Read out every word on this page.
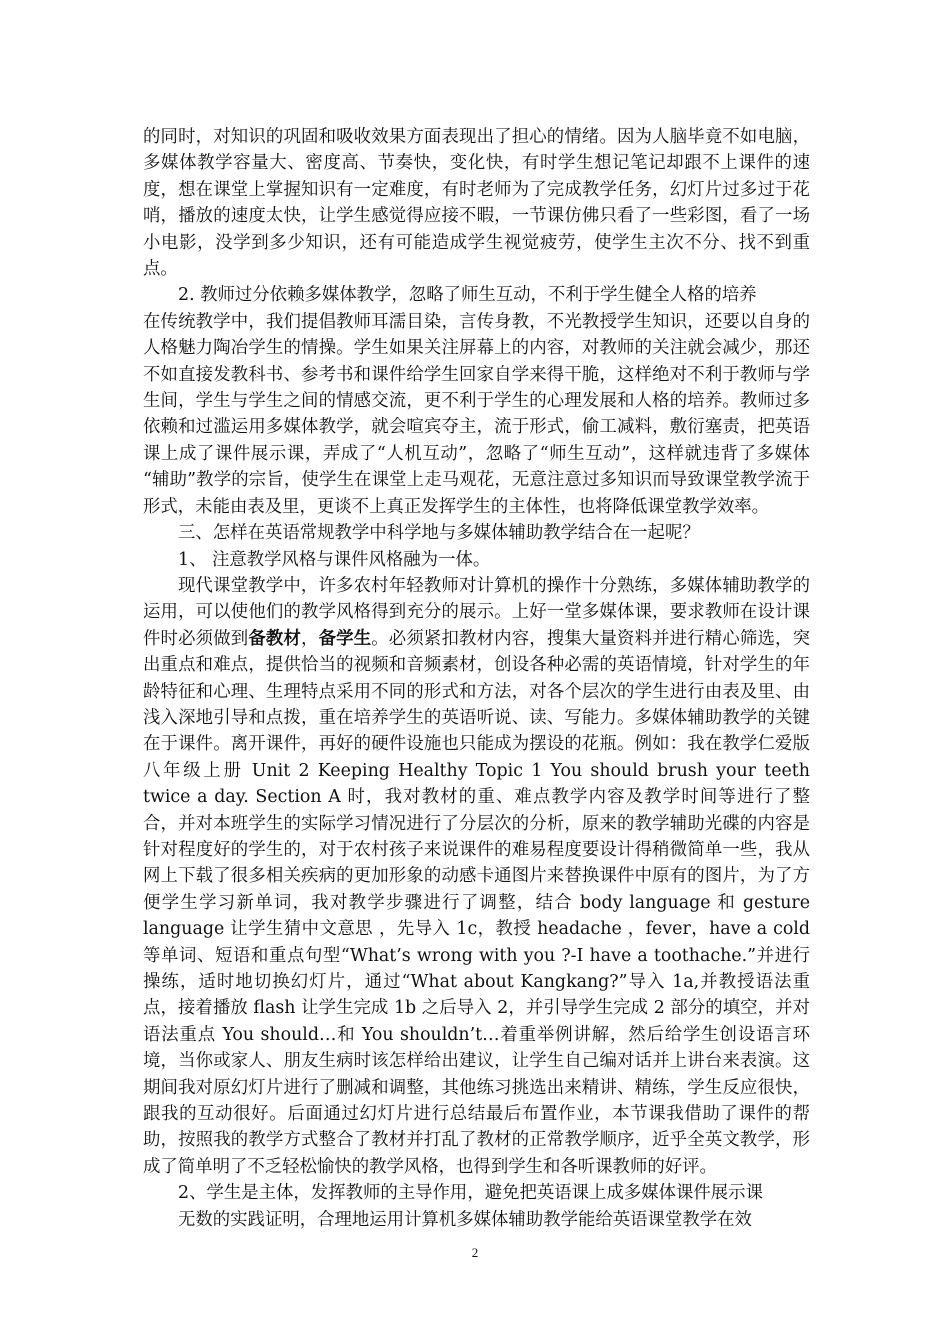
的同时，对知识的巩固和吸收效果方面表现出了担心的情绪。因为人脑毕竟不如电脑，多媒体教学容量大、密度高、节奏快，变化快，有时学生想记笔记却跟不上课件的速度，想在课堂上掌握知识有一定难度，有时老师为了完成教学任务，幻灯片过多过于花哨，播放的速度太快，让学生感觉得应接不暇，一节课仿佛只看了一些彩图，看了一场小电影，没学到多少知识，还有可能造成学生视觉疲劳，使学生主次不分、找不到重点。

2. 教师过分依赖多媒体教学，忽略了师生互动，不利于学生健全人格的培养

在传统教学中，我们提倡教师耳濡目染，言传身教，不光教授学生知识，还要以自身的人格魅力陶冶学生的情操。学生如果关注屏幕上的内容，对教师的关注就会减少，那还不如直接发教科书、参考书和课件给学生回家自学来得干脆，这样绝对不利于教师与学生间，学生与学生之间的情感交流，更不利于学生的心理发展和人格的培养。教师过多依赖和过滥运用多媒体教学，就会喧宾夺主，流于形式，偷工减料，敷衍塞责，把英语课上成了课件展示课，弄成了“人机互动”，忽略了“师生互动”，这样就违背了多媒体 “辅助”教学的宗旨，使学生在课堂上走马观花，无意注意过多知识而导致课堂教学流于形式，未能由表及里，更谈不上真正发挥学生的主体性，也将降低课堂教学效率。

三、怎样在英语常规教学中科学地与多媒体辅助教学结合在一起呢？

1、 注意教学风格与课件风格融为一体。

现代课堂教学中，许多农村年轻教师对计算机的操作十分熟练，多媒体辅助教学的运用，可以使他们的教学风格得到充分的展示。上好一堂多媒体课，要求教师在设计课件时必须做到备教材，备学生。必须紧扣教材内容，搜集大量资料并进行精心筛选，突出重点和难点，提供恰当的视频和音频素材，创设各种必需的英语情境，针对学生的年龄特征和心理、生理特点采用不同的形式和方法，对各个层次的学生进行由表及里、由浅入深地引导和点拨，重在培养学生的英语听说、读、写能力。多媒体辅助教学的关键在于课件。离开课件，再好的硬件设施也只能成为摆设的花瓶。例如：我在教学仁爱版八年级上册 Unit 2 Keeping Healthy Topic 1 You should brush your teeth twice a day. Section A 时，我对教材的重、难点教学内容及教学时间等进行了整合，并对本班学生的实际学习情况进行了分层次的分析，原来的教学辅助光碟的内容是针对程度好的学生的，对于农村孩子来说课件的难易程度要设计得稍微简单一些，我从网上下载了很多相关疾病的更加形象的动感卡通图片来替换课件中原有的图片，为了方便学生学习新单词，我对教学步骤进行了调整，结合 body language 和 gesture language 让学生猜中文意思 ，先导入 1c，教授 headache ，fever，have a cold 等单词、短语和重点句型“What’s wrong with you ?-I have a toothache.”并进行操练，适时地切换幻灯片，通过“What about Kangkang?”导入 1a,并教授语法重点，接着播放 flash 让学生完成 1b 之后导入 2，并引导学生完成 2 部分的填空，并对语法重点 You should…和 You shouldn’t…着重举例讲解，然后给学生创设语言环境，当你或家人、朋友生病时该怎样给出建议，让学生自己编对话并上讲台来表演。这期间我对原幻灯片进行了删减和调整，其他练习挑选出来精讲、精练，学生反应很快，跟我的互动很好。后面通过幻灯片进行总结最后布置作业，本节课我借助了课件的帮助，按照我的教学方式整合了教材并打乱了教材的正常教学顺序，近乎全英文教学，形成了简单明了不乏轻松愉快的教学风格，也得到学生和各听课教师的好评。

2、学生是主体，发挥教师的主导作用，避免把英语课上成多媒体课件展示课

无数的实践证明，合理地运用计算机多媒体辅助教学能给英语课堂教学在效

2
